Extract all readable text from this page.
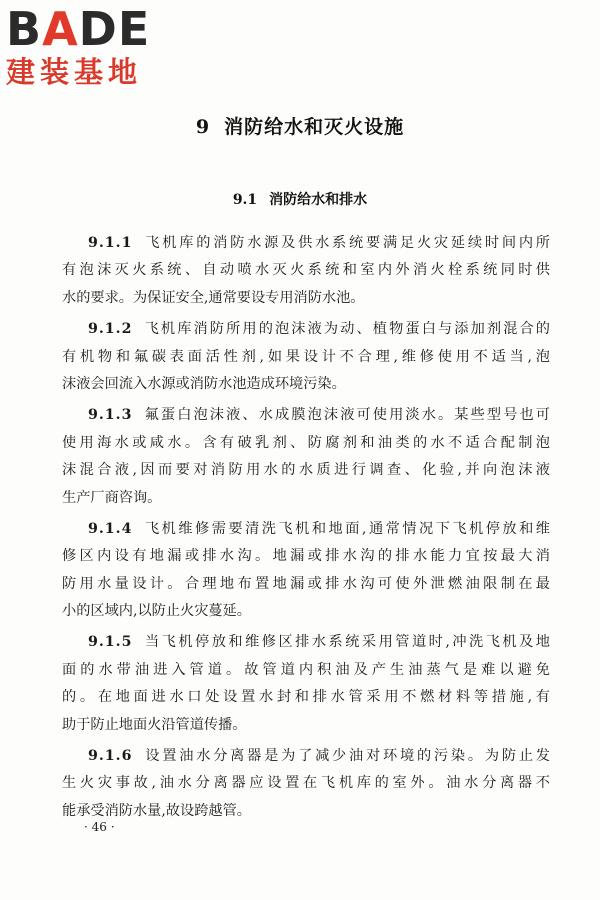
BADE
建装基地
9 消防给水和灭火设施
9.1 消防给水和排水
9.1.1 飞机库的消防水源及供水系统要满足火灾延续时间内所
有泡沫灭火系统、自动喷水灭火系统和室内外消火栓系统同时供
水的要求。为保证安全,通常要设专用消防水池。
9.1.2 飞机库消防所用的泡沫液为动、植物蛋白与添加剂混合的
有机物和氟碳表面活性剂,如果设计不合理,维修使用不适当,泡
沫液会回流入水源或消防水池造成环境污染。
9.1.3 氟蛋白泡沫液、水成膜泡沫液可使用淡水。某些型号也可
使用海水或咸水。含有破乳剂、防腐剂和油类的水不适合配制泡
沫混合液,因而要对消防用水的水质进行调查、化验,并向泡沫液
生产厂商咨询。
9.1.4 飞机维修需要清洗飞机和地面,通常情况下飞机停放和维
修区内设有地漏或排水沟。地漏或排水沟的排水能力宜按最大消
防用水量设计。合理地布置地漏或排水沟可使外泄燃油限制在最
小的区域内,以防止火灾蔓延。
9.1.5 当飞机停放和维修区排水系统采用管道时,冲洗飞机及地
面的水带油进入管道。故管道内积油及产生油蒸气是难以避免
的。在地面进水口处设置水封和排水管采用不燃材料等措施,有
助于防止地面火沿管道传播。
9.1.6 设置油水分离器是为了减少油对环境的污染。为防止发
生火灾事故,油水分离器应设置在飞机库的室外。油水分离器不
能承受消防水量,故设跨越管。
· 46 ·
